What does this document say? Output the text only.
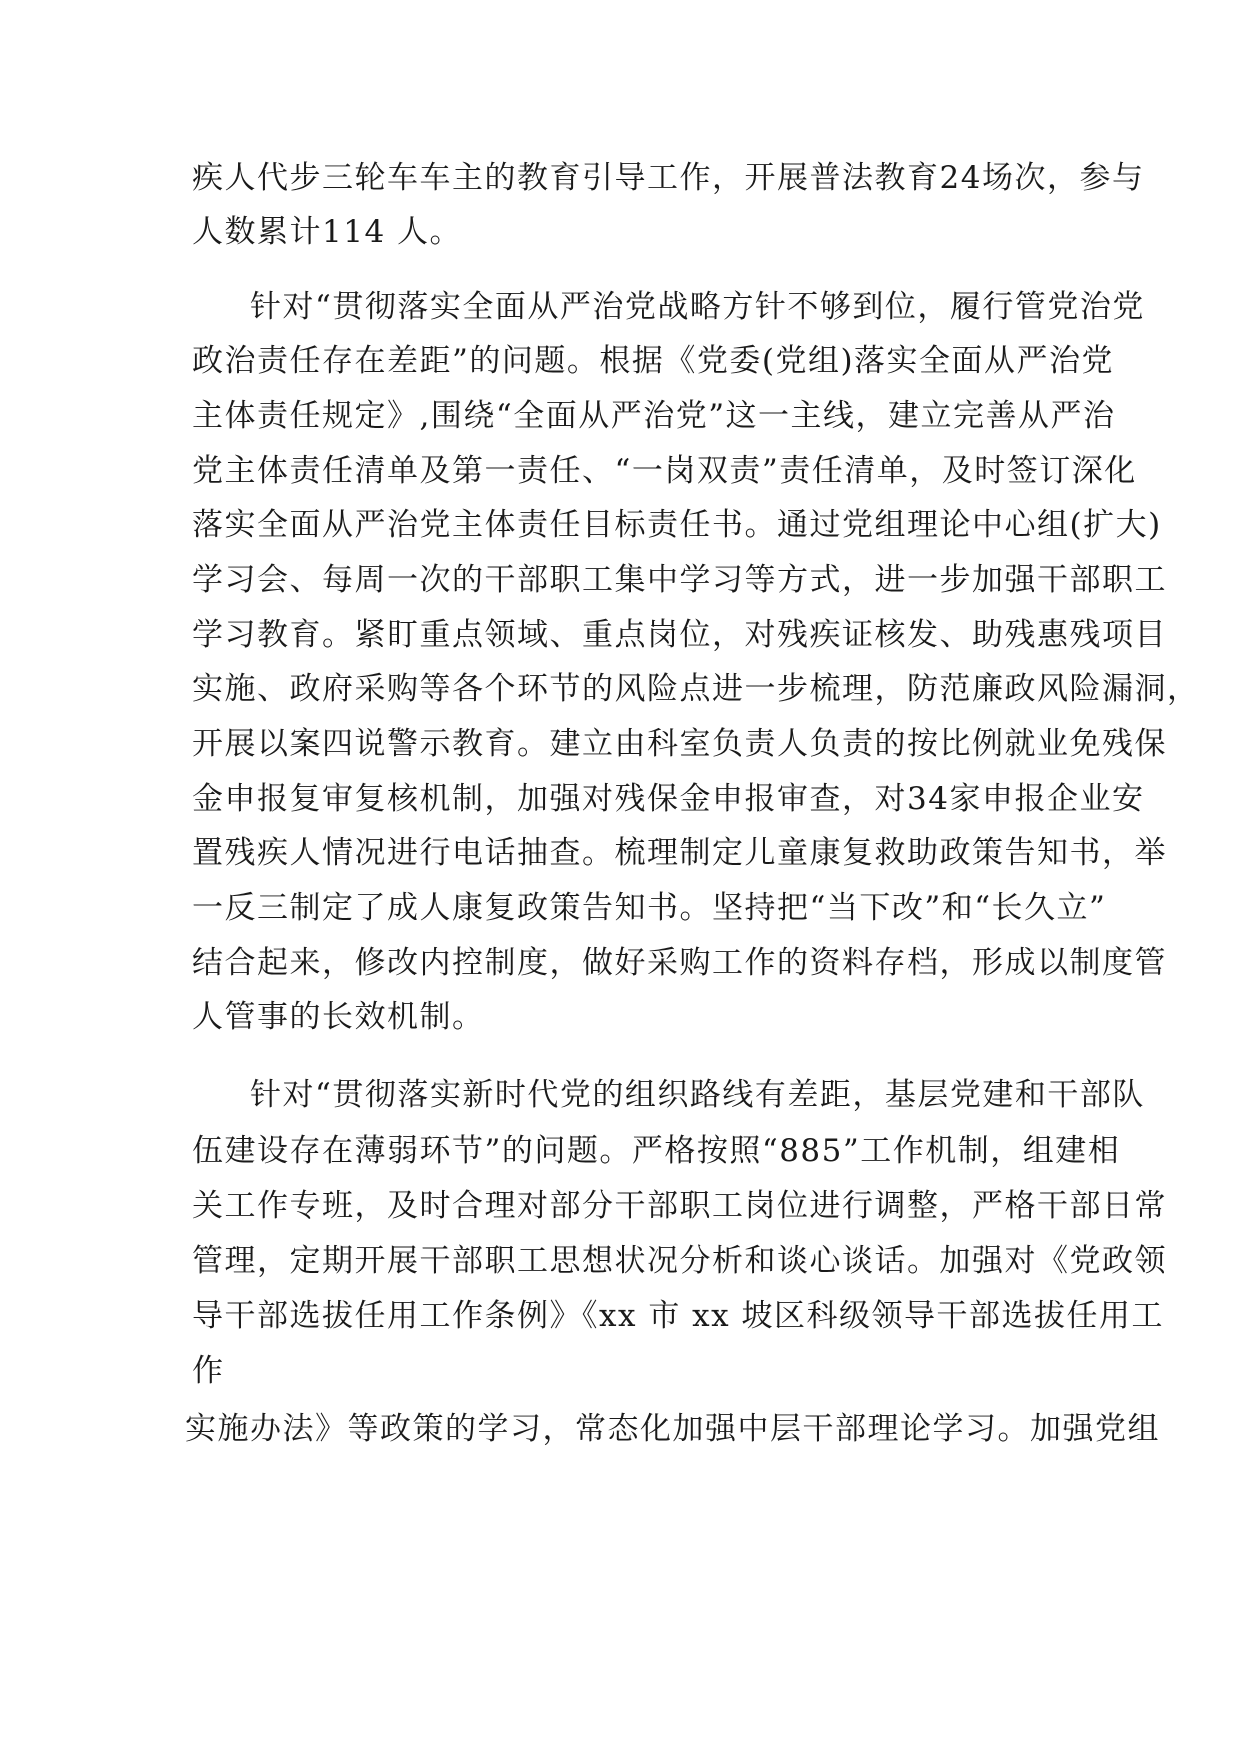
疾人代步三轮车车主的教育引导工作，开展普法教育24场次，参与
人数累计114 人。
针对“贯彻落实全面从严治党战略方针不够到位，履行管党治党
政治责任存在差距”的问题。根据《党委(党组)落实全面从严治党
主体责任规定》,围绕“全面从严治党”这一主线，建立完善从严治
党主体责任清单及第一责任、“一岗双责”责任清单，及时签订深化
落实全面从严治党主体责任目标责任书。通过党组理论中心组(扩大)
学习会、每周一次的干部职工集中学习等方式，进一步加强干部职工
学习教育。紧盯重点领域、重点岗位，对残疾证核发、助残惠残项目
实施、政府采购等各个环节的风险点进一步梳理，防范廉政风险漏洞，
开展以案四说警示教育。建立由科室负责人负责的按比例就业免残保
金申报复审复核机制，加强对残保金申报审查，对34家申报企业安
置残疾人情况进行电话抽查。梳理制定儿童康复救助政策告知书，举
一反三制定了成人康复政策告知书。坚持把“当下改”和“长久立”
结合起来，修改内控制度，做好采购工作的资料存档，形成以制度管
人管事的长效机制。
针对“贯彻落实新时代党的组织路线有差距，基层党建和干部队
伍建设存在薄弱环节”的问题。严格按照“885”工作机制，组建相
关工作专班，及时合理对部分干部职工岗位进行调整，严格干部日常
管理，定期开展干部职工思想状况分析和谈心谈话。加强对《党政领
导干部选拔任用工作条例》《xx 市 xx 坡区科级领导干部选拔任用工
作
实施办法》等政策的学习，常态化加强中层干部理论学习。加强党组
